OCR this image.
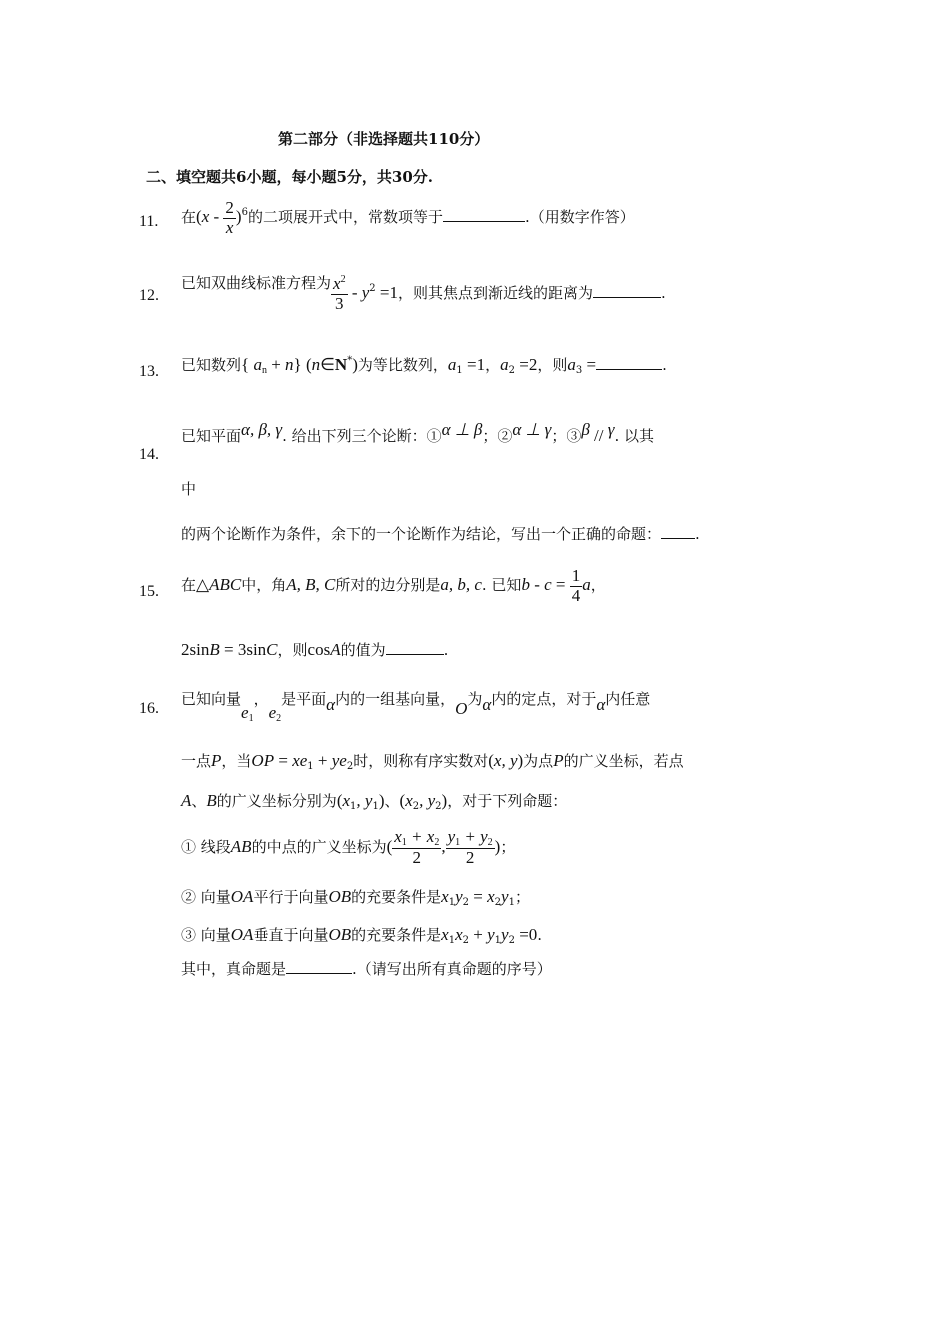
第二部分（非选择题共110分）
二、填空题共6小题，每小题5分，共30分.
11. 在$(x - \frac{2}{x} )^6$的二项展开式中，常数项等于	.（用数字作答）
12.
已知双曲线标准方程为 $\frac{x^2}{3} - y^2 =1$，则其焦点到渐近线的距离为	.
13. 已知数列{ $a_n + n$} (n∈N*)为等比数列，$a_1 =1$，$a_2 =2$，则$a_3$ =	.
14.
已知平面α, β, γ. 给出下列三个论断：①α ⊥ β；②α ⊥ γ；③β // γ. 以其
中
的两个论断作为条件，余下的一个论断作为结论，写出一个正确的命题： .
15. 在△ABC中，角A, B, C所对的边分别是a, b, c. 已知$b - c = \frac{1}{4}$ a，
2sinB = 3sinC，则cosA的值为	.
16.
已知向量$e_1$，$e_2$是平面α内的一组基向量，O为α内的定点，对于α内任意
一点P，当OP = $xe_1 + ye_2$时，则称有序实数对(x, y)为点P的广义坐标，若点
A、B的广义坐标分别为($x_1$, $y_1$)、($x_2$, $y_2$)，对于下列命题：
① 线段AB的中点的广义坐标为( $\frac{x_1 + x_2}{2}$ , $\frac{y_1 + y_2}{2}$ )；
② 向量OA平行于向量OB的充要条件是$x_1y_2 = x_2y_1$；
③ 向量OA垂直于向量OB的充要条件是$x_1x_2 + y_1y_2 =0$.
其中，真命题是	.（请写出所有真命题的序号）
